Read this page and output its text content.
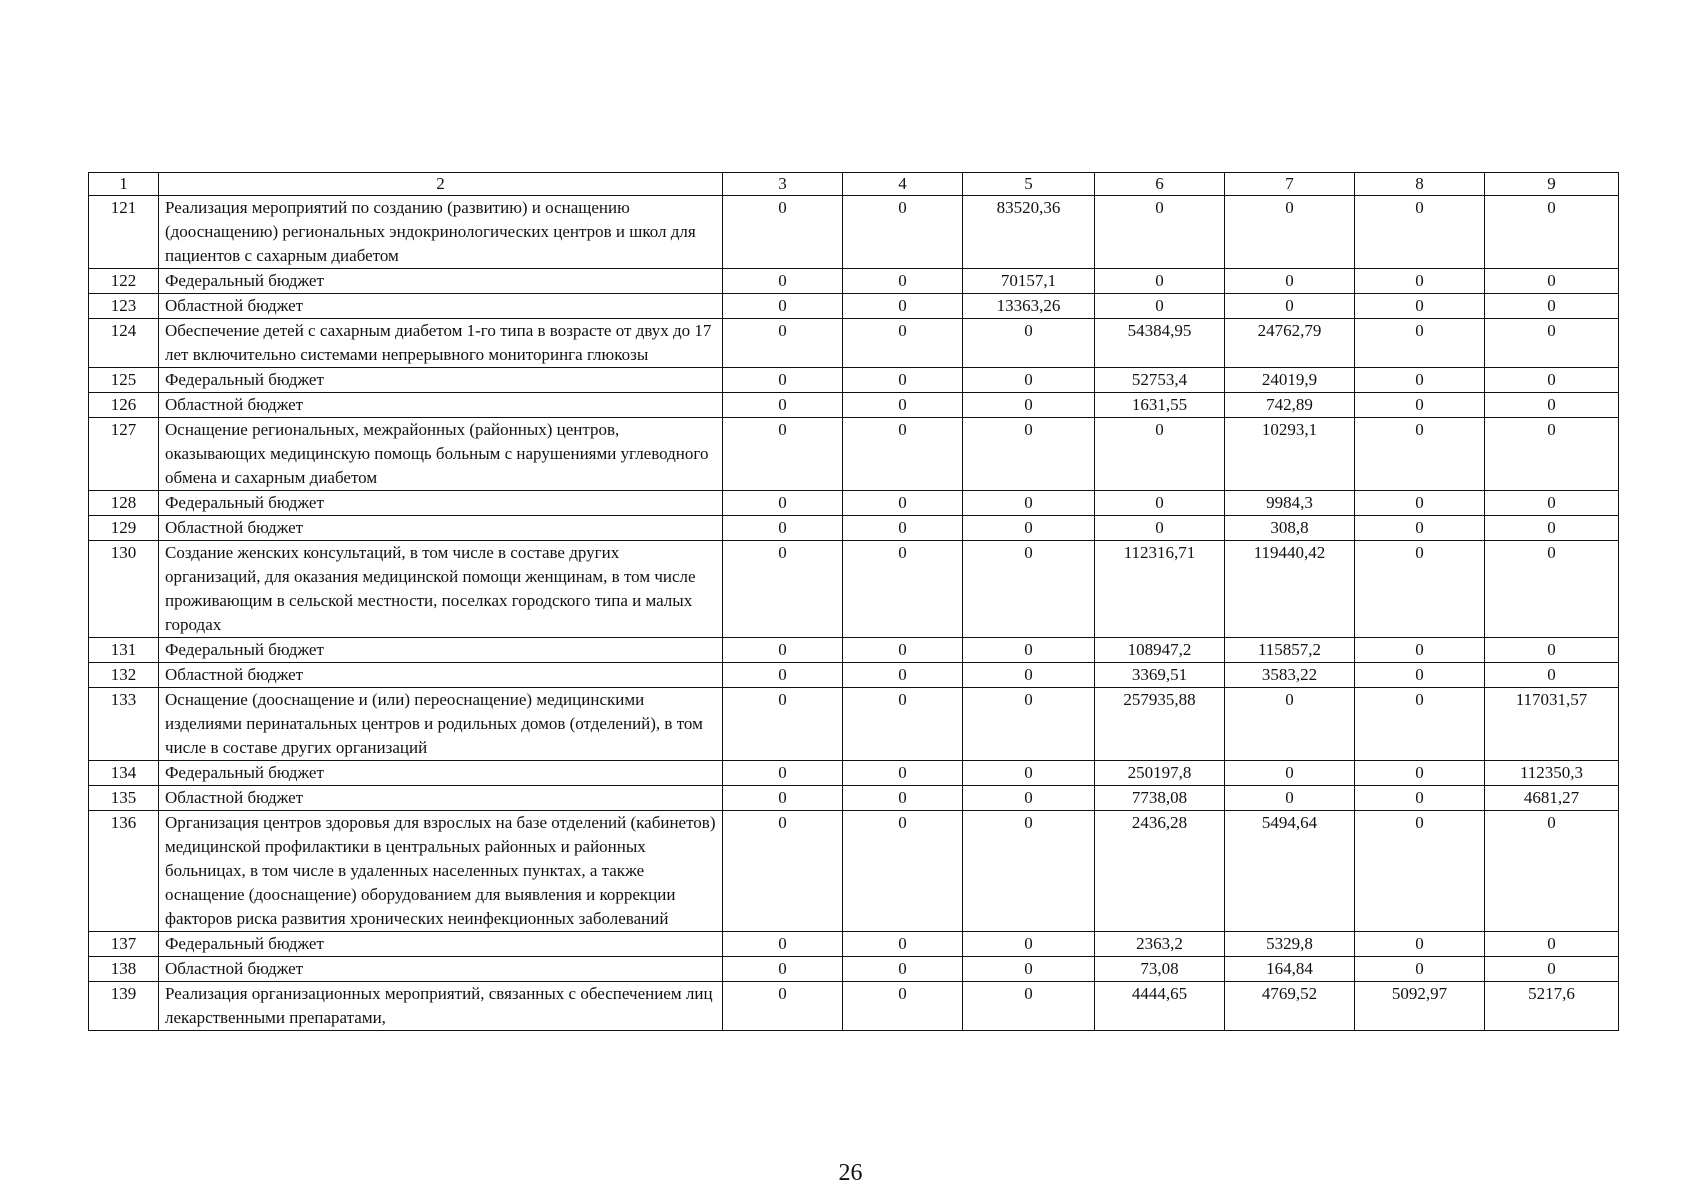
1	2	3	4	5	6	7	8	9
121	Реализация мероприятий по созданию (развитию) и оснащению (дооснащению) региональных эндокринологических центров и школ для пациентов с сахарным диабетом	0	0	83520,36	0	0	0	0
122	Федеральный бюджет	0	0	70157,1	0	0	0	0
123	Областной бюджет	0	0	13363,26	0	0	0	0
124	Обеспечение детей с сахарным диабетом 1-го типа в возрасте от двух до 17 лет включительно системами непрерывного мониторинга глюкозы	0	0	0	54384,95	24762,79	0	0
125	Федеральный бюджет	0	0	0	52753,4	24019,9	0	0
126	Областной бюджет	0	0	0	1631,55	742,89	0	0
127	Оснащение региональных, межрайонных (районных) центров, оказывающих медицинскую помощь больным с нарушениями углеводного обмена и сахарным диабетом	0	0	0	0	10293,1	0	0
128	Федеральный бюджет	0	0	0	0	9984,3	0	0
129	Областной бюджет	0	0	0	0	308,8	0	0
130	Создание женских консультаций, в том числе в составе других организаций, для оказания медицинской помощи женщинам, в том числе проживающим в сельской местности, поселках городского типа и малых городах	0	0	0	112316,71	119440,42	0	0
131	Федеральный бюджет	0	0	0	108947,2	115857,2	0	0
132	Областной бюджет	0	0	0	3369,51	3583,22	0	0
133	Оснащение (дооснащение и (или) переоснащение) медицинскими изделиями перинатальных центров и родильных домов (отделений), в том числе в составе других организаций	0	0	0	257935,88	0	0	117031,57
134	Федеральный бюджет	0	0	0	250197,8	0	0	112350,3
135	Областной бюджет	0	0	0	7738,08	0	0	4681,27
136	Организация центров здоровья для взрослых на базе отделений (кабинетов) медицинской профилактики в центральных районных и районных больницах, в том числе в удаленных населенных пунктах, а также оснащение (дооснащение) оборудованием для выявления и коррекции факторов риска развития хронических неинфекционных заболеваний	0	0	0	2436,28	5494,64	0	0
137	Федеральный бюджет	0	0	0	2363,2	5329,8	0	0
138	Областной бюджет	0	0	0	73,08	164,84	0	0
139	Реализация организационных мероприятий, связанных с обеспечением лиц лекарственными препаратами,	0	0	0	4444,65	4769,52	5092,97	5217,6
26
